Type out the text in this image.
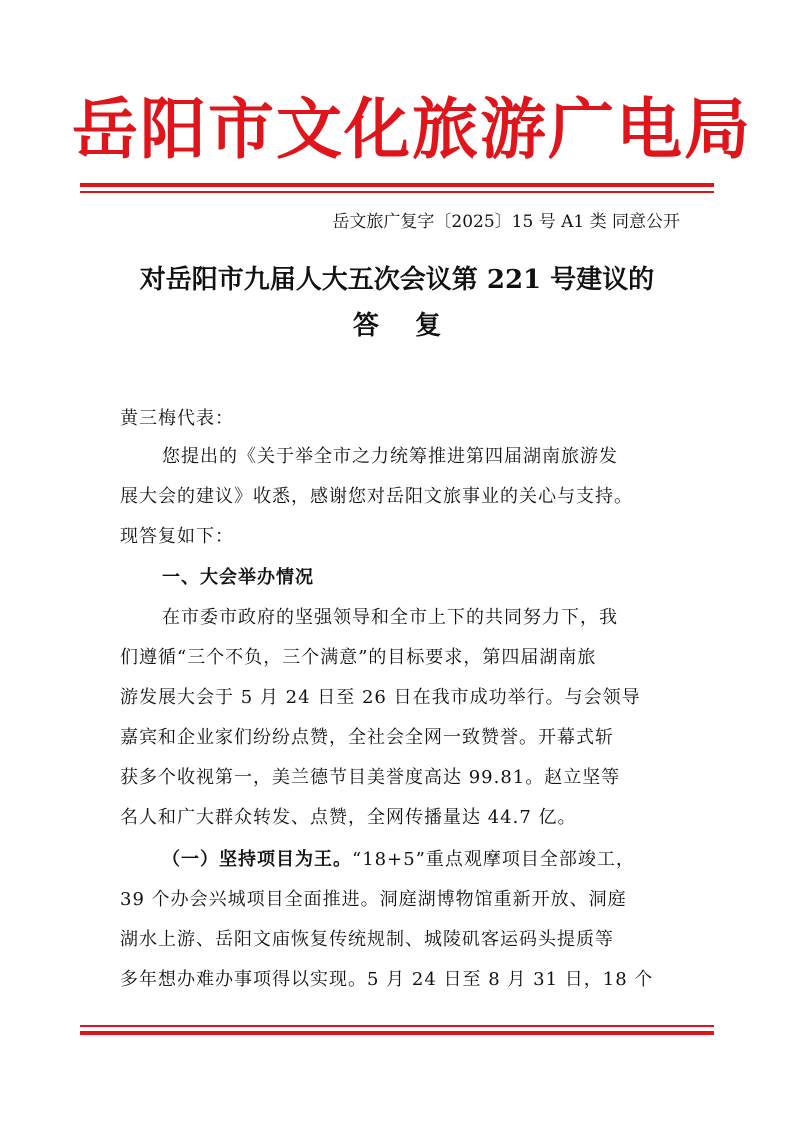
岳阳市文化旅游广电局
岳文旅广复字〔2025〕15 号 A1 类 同意公开
对岳阳市九届人大五次会议第 221 号建议的
答    复
黄三梅代表：
您提出的《关于举全市之力统筹推进第四届湖南旅游发
展大会的建议》收悉，感谢您对岳阳文旅事业的关心与支持。
现答复如下：
一、大会举办情况
在市委市政府的坚强领导和全市上下的共同努力下，我
们遵循“三个不负，三个满意”的目标要求，第四届湖南旅
游发展大会于 5 月 24 日至 26 日在我市成功举行。与会领导
嘉宾和企业家们纷纷点赞，全社会全网一致赞誉。开幕式斩
获多个收视第一，美兰德节目美誉度高达 99.81。赵立坚等
名人和广大群众转发、点赞，全网传播量达 44.7 亿。
（一）坚持项目为王。“18+5”重点观摩项目全部竣工，
39 个办会兴城项目全面推进。洞庭湖博物馆重新开放、洞庭
湖水上游、岳阳文庙恢复传统规制、城陵矶客运码头提质等
多年想办难办事项得以实现。5 月 24 日至 8 月 31 日，18 个
